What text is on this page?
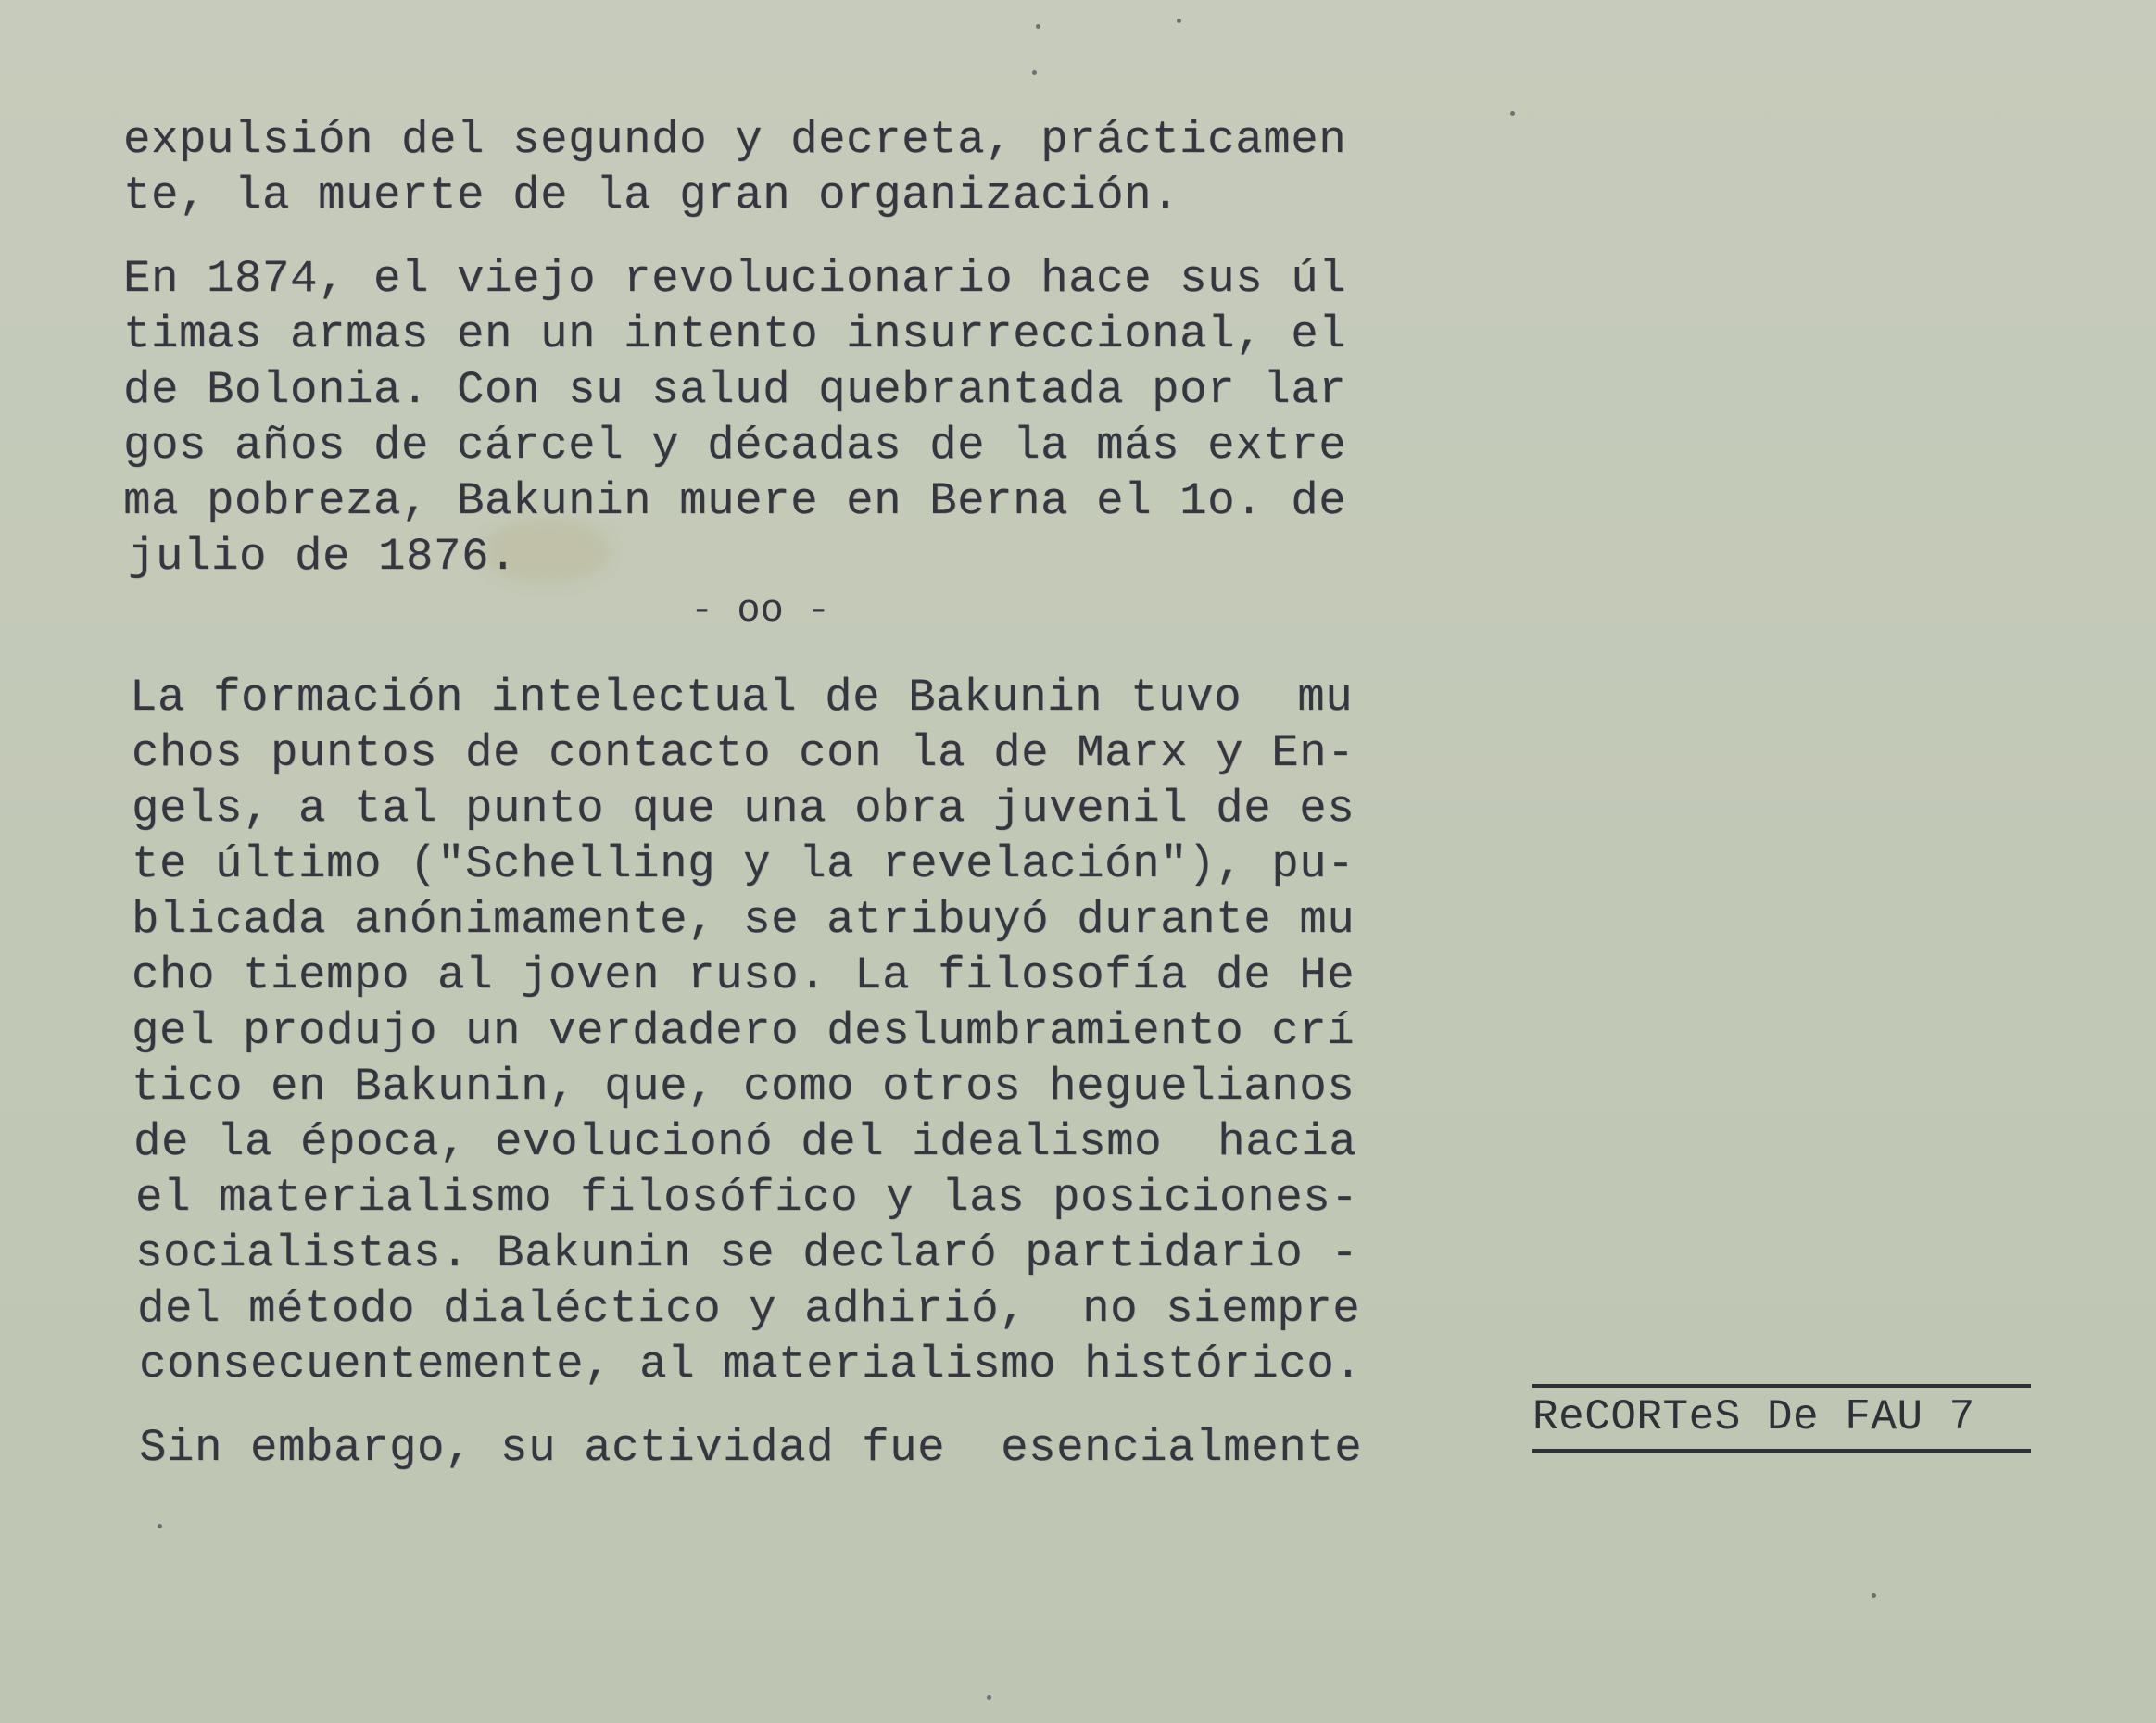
expulsión del segundo y decreta, prácticamen
te, la muerte de la gran organización.
En 1874, el viejo revolucionario hace sus úl
timas armas en un intento insurreccional, el
de Bolonia. Con su salud quebrantada por lar
gos años de cárcel y décadas de la más extre
ma pobreza, Bakunin muere en Berna el 1o. de
julio de 1876.
- oo -
La formación intelectual de Bakunin tuvo  mu
chos puntos de contacto con la de Marx y En-
gels, a tal punto que una obra juvenil de es
te último ("Schelling y la revelación"), pu-
blicada anónimamente, se atribuyó durante mu
cho tiempo al joven ruso. La filosofía de He
gel produjo un verdadero deslumbramiento crí
tico en Bakunin, que, como otros heguelianos
de la época, evolucionó del idealismo  hacia
el materialismo filosófico y las posiciones-
socialistas. Bakunin se declaró partidario -
del método dialéctico y adhirió,  no siempre
consecuentemente, al materialismo histórico.
Sin embargo, su actividad fue  esencialmente
ReCORTeS De FAU 7
